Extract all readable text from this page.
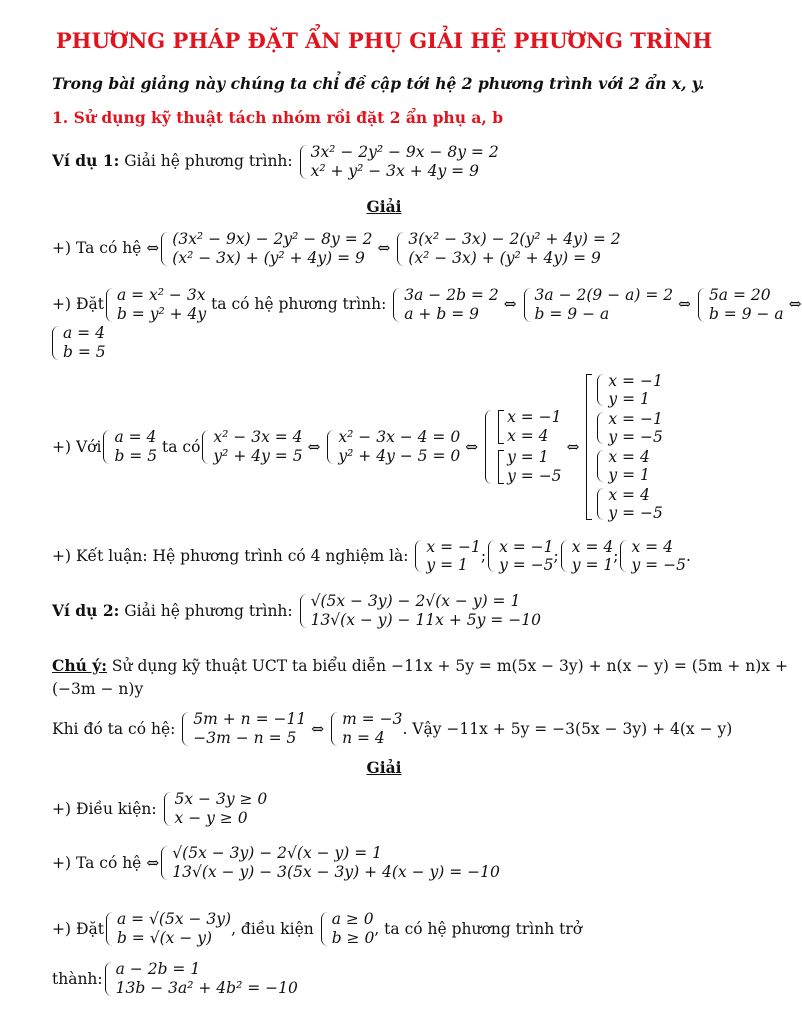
PHƯƠNG PHÁP ĐẶT ẨN PHỤ GIẢI HỆ PHƯƠNG TRÌNH
Trong bài giảng này chúng ta chỉ đề cập tới hệ 2 phương trình với 2 ẩn x, y.
1. Sử dụng kỹ thuật tách nhóm rồi đặt 2 ẩn phụ a, b
Ví dụ 1: Giải hệ phương trình: 3x² − 2y² − 9x − 8y = 2
x² + y² − 3x + 4y = 9
Giải
+) Ta có hệ ⇔ (3x² − 9x) − 2y² − 8y = 2
(x² − 3x) + (y² + 4y) = 9
⇔ 3(x² − 3x) − 2(y² + 4y) = 2
(x² − 3x) + (y² + 4y) = 9
+) Đặt a = x² − 3x
b = y² + 4y
ta có hệ phương trình: 3a − 2b = 2
a + b = 9
⇔ 3a − 2(9 − a) = 2
b = 9 − a
⇔ 5a = 20
b = 9 − a
⇔
a = 4
b = 5
+) Với
a = 4
b = 5 ta có
x² − 3x = 4
y² + 4y = 5 ⇔
x² − 3x − 4 = 0
y² + 4y − 5 = 0 ⇔
x = −1
x = 4
y = 1
y = −5
⇔
x = −1
y = 1
x = −1
y = −5
x = 4
y = 1
x = 4
y = −5
+) Kết luận: Hệ phương trình có 4 nghiệm là: x = −1
y = 1 ; x = −1
y = −5 ; x = 4
y = 1 ; x = 4
y = −5 .
Ví dụ 2: Giải hệ phương trình:
√(5x − 3y) − 2√(x − y) = 1
13√(x − y) − 11x + 5y = −10
Chú ý: Sử dụng kỹ thuật UCT ta biểu diễn −11x + 5y = m(5x − 3y) + n(x − y) = (5m + n)x +
(−3m − n)y
Khi đó ta có hệ:
5m + n = −11
−3m − n = 5 ⇔
m = −3
n = 4	. Vậy −11x + 5y = −3(5x − 3y) + 4(x − y)
Giải
+) Điều kiện:
5x − 3y ≥ 0
x − y ≥ 0
+) Ta có hệ ⇔
√(5x − 3y) − 2√(x − y) = 1
13√(x − y) − 3(5x − 3y) + 4(x − y) = −10
+) Đặt
a = √(5x − 3y)
b = √(x − y)	, điều kiện
a ≥ 0
b ≥ 0 , ta có hệ phương trình trở
thành:
a − 2b = 1
13b − 3a² + 4b² = −10
